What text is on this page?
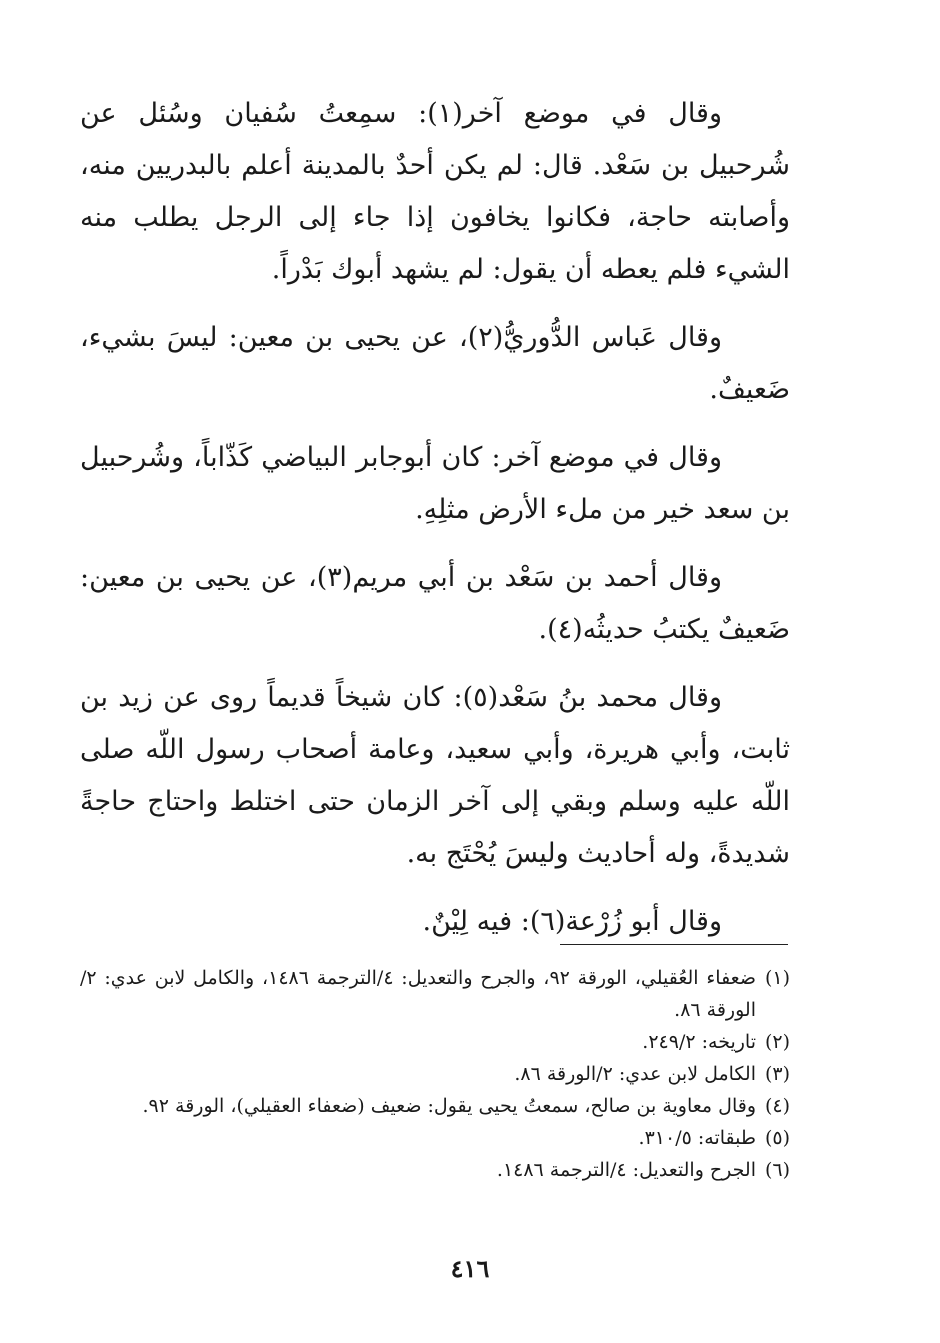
وقال في موضع آخر(١): سمِعتُ سُفيان وسُئل عن شُرحبيل بن سَعْد. قال: لم يكن أحدٌ بالمدينة أعلم بالبدريين منه، وأصابته حاجة، فكانوا يخافون إذا جاء إلى الرجل يطلب منه الشيء فلم يعطه أن يقول: لم يشهد أبوك بَدْراً.

وقال عَباس الدُّوريُّ(٢)، عن يحيى بن معين: ليسَ بشيء، ضَعيفٌ.

وقال في موضع آخر: كان أبوجابر البياضي كَذّاباً، وشُرحبيل بن سعد خير من ملء الأرض مثلِهِ.

وقال أحمد بن سَعْد بن أبي مريم(٣)، عن يحيى بن معين: ضَعيفٌ يكتبُ حديثُه(٤).

وقال محمد بنُ سَعْد(٥): كان شيخاً قديماً روى عن زيد بن ثابت، وأبي هريرة، وأبي سعيد، وعامة أصحاب رسول اللّه صلى اللّه عليه وسلم وبقي إلى آخر الزمان حتى اختلط واحتاج حاجةً شديدةً، وله أحاديث وليسَ يُحْتَج به.

وقال أبو زُرْعة(٦): فيه لِيْنٌ.

(١)
ضعفاء العُقيلي، الورقة ٩٢، والجرح والتعديل: ٤/الترجمة ١٤٨٦، والكامل لابن عدي: ٢/الورقة ٨٦.
(٢)
تاريخه: ٢٤٩/٢.
(٣)
الكامل لابن عدي: ٢/الورقة ٨٦.
(٤)
وقال معاوية بن صالح، سمعتُ يحيى يقول: ضعيف (ضعفاء العقيلي)، الورقة ٩٢.
(٥)
طبقاته: ٣١٠/٥.
(٦)
الجرح والتعديل: ٤/الترجمة ١٤٨٦.
٤١٦
